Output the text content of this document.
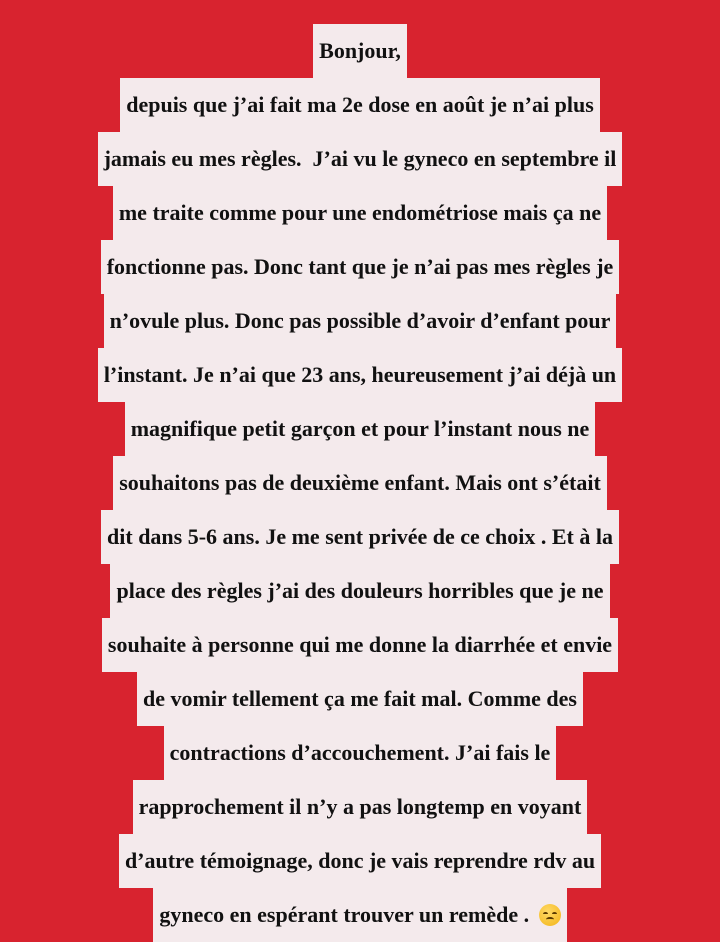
Bonjour,
depuis que j’ai fait ma 2e dose en août je n’ai plus
jamais eu mes règles.  J’ai vu le gyneco en septembre il
me traite comme pour une endométriose mais ça ne
fonctionne pas. Donc tant que je n’ai pas mes règles je
n’ovule plus. Donc pas possible d’avoir d’enfant pour
l’instant. Je n’ai que 23 ans, heureusement j’ai déjà un
magnifique petit garçon et pour l’instant nous ne
souhaitons pas de deuxième enfant. Mais ont s’était
dit dans 5-6 ans. Je me sent privée de ce choix . Et à la
place des règles j’ai des douleurs horribles que je ne
souhaite à personne qui me donne la diarrhée et envie
de vomir tellement ça me fait mal. Comme des
contractions d’accouchement. J’ai fais le
rapprochement il n’y a pas longtemp en voyant
d’autre témoignage, donc je vais reprendre rdv au
gyneco en espérant trouver un remède .
